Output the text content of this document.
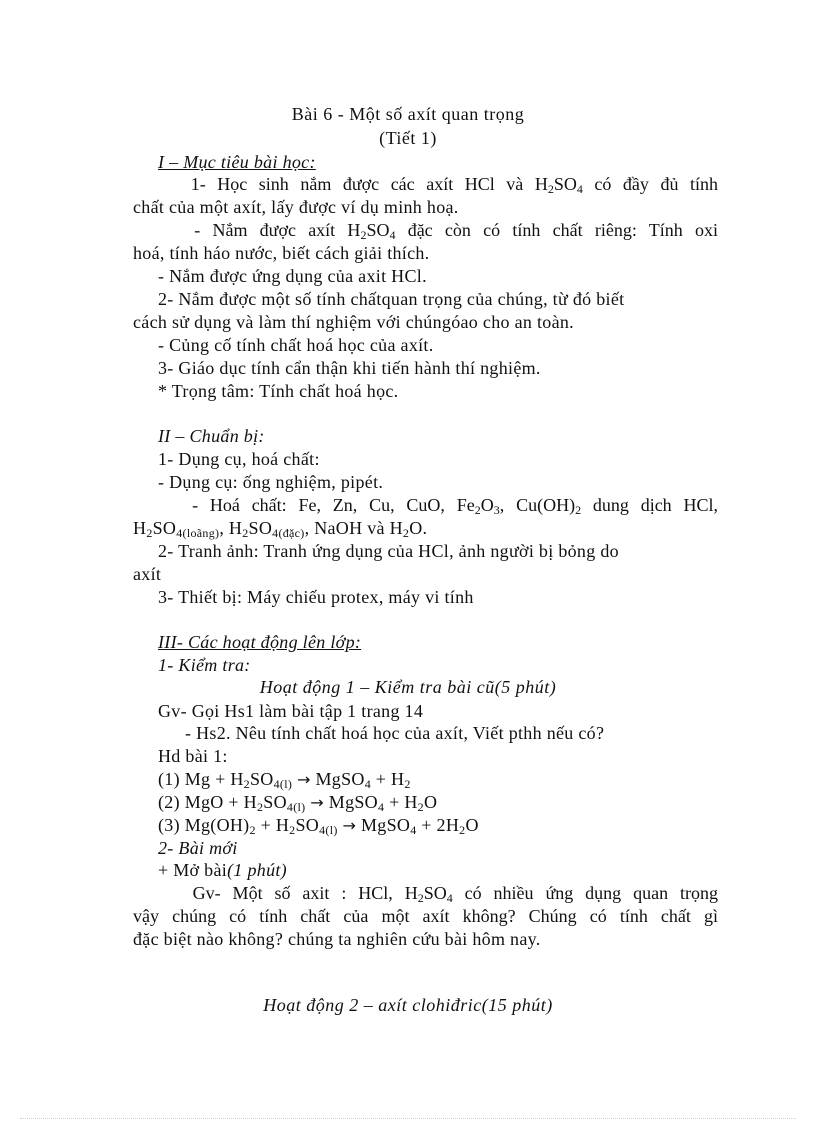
Bài 6 - Một số axít quan trọng
(Tiết 1)
I – Mục tiêu bài học:
1- Học sinh nắm được các axít HCl và $H_2SO_4$ có đầy đủ tính
chất của một axít, lấy được ví dụ minh hoạ.
- Nắm được axít $H_2SO_4$ đặc còn có tính chất riêng: Tính oxi
hoá, tính háo nước, biết cách giải thích.
- Nắm được ứng dụng của axit HCl.
2- Nắm được một số tính chấtquan trọng của chúng, từ đó biết
cách sử dụng và làm thí nghiệm với chúngóao cho an toàn.
- Củng cố tính chất hoá học của axít.
3- Giáo dục tính cẩn thận khi tiến hành thí nghiệm.
* Trọng tâm: Tính chất hoá học.
II – Chuẩn bị:
1- Dụng cụ, hoá chất:
- Dụng cụ: ống nghiệm, pipét.
- Hoá chất: Fe, Zn, Cu, CuO, $Fe_2O_3$, $Cu(OH)_2$ dung dịch HCl,
$H_2SO_{4(loãng)}$, $H_2SO_{4(đặc)}$, NaOH và $H_2O$.
2- Tranh ảnh: Tranh ứng dụng của HCl, ảnh người bị bỏng do
axít
3- Thiết bị: Máy chiếu protex, máy vi tính
III- Các hoạt động lên lớp:
1- Kiểm tra:
Hoạt động 1 – Kiểm tra bài cũ(5 phút)
Gv- Gọi Hs1 làm bài tập 1 trang 14
- Hs2. Nêu tính chất hoá học của axít, Viết pthh nếu có?
Hd bài 1:
(1) $Mg + H_2SO_{4(l)}$ → MgSO$_4$ + $H_2$
(2) MgO + $H_2SO_{4(l)}$ → MgSO$_4$ + $H_2O$
(3) $Mg(OH)_2 + H_2SO_{4(l)}$ → MgSO$_4$ + $2H_2O$
2- Bài mới
+ Mở bài(1 phút)
Gv- Một số axit : HCl, $H_2SO_4$ có nhiều ứng dụng quan trọng
vậy chúng có tính chất của một axít không? Chúng có tính chất gì
đặc biệt nào không? chúng ta nghiên cứu bài hôm nay.
Hoạt động 2 – axít clohiđric(15 phút)
